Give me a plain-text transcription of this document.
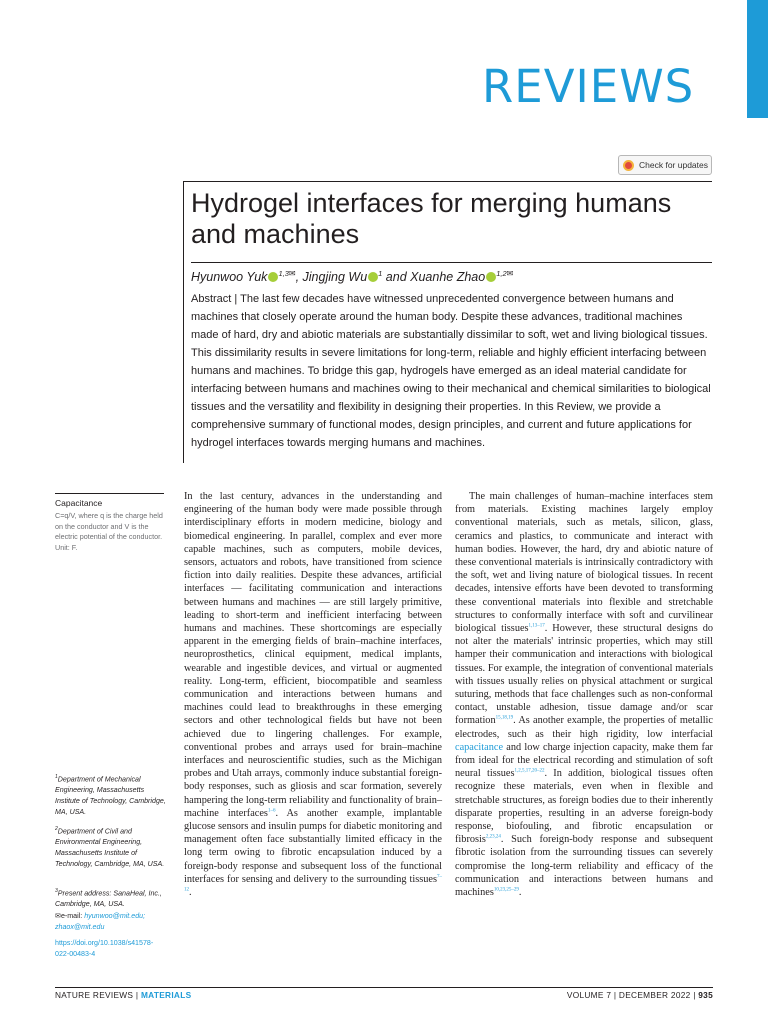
REVIEWS
Check for updates
Hydrogel interfaces for merging humans and machines
Hyunwoo Yuk $^{1,3✉}$, Jingjing Wu $^1$ and Xuanhe Zhao $^{1,2✉}$
Abstract | The last few decades have witnessed unprecedented convergence between humans and machines that closely operate around the human body. Despite these advances, traditional machines made of hard, dry and abiotic materials are substantially dissimilar to soft, wet and living biological tissues. This dissimilarity results in severe limitations for long-term, reliable and highly efficient interfacing between humans and machines. To bridge this gap, hydrogels have emerged as an ideal material candidate for interfacing between humans and machines owing to their mechanical and chemical similarities to biological tissues and the versatility and flexibility in designing their properties. In this Review, we provide a comprehensive summary of functional modes, design principles, and current and future applications for hydrogel interfaces towards merging humans and machines.
Capacitance
C=q/V, where q is the charge held on the conductor and V is the electric potential of the conductor. Unit: F.
$^1$Department of Mechanical Engineering, Massachusetts Institute of Technology, Cambridge, MA, USA.
$^2$Department of Civil and Environmental Engineering, Massachusetts Institute of Technology, Cambridge, MA, USA.
$^3$Present address: SanaHeal, Inc., Cambridge, MA, USA.
✉e-mail: hyunwoo@mit.edu;
zhaox@mit.edu
https://doi.org/10.1038/s41578-022-00483-4

In the last century, advances in the understanding and engineering of the human body were made possible through interdisciplinary efforts in modern medicine, biology and biomedical engineering. In parallel, complex and ever more capable machines, such as computers, mobile devices, sensors, actuators and robots, have transitioned from science fiction into daily realities. Despite these advances, artificial interfaces — facilitating communication and interactions between humans and machines — are still largely primitive, leading to short-term and inefficient interfacing between humans and machines. These shortcomings are especially apparent in the emerging fields of brain–machine interfaces, neuroprosthetics, clinical equipment, medical implants, wearable and ingestible devices, and virtual or augmented reality. Long-term, efficient, biocompatible and seamless communication and interactions between humans and machines could lead to breakthroughs in these emerging sectors and other technological fields but have not been achieved due to lingering challenges. For example, conventional probes and arrays used for brain–machine interfaces and neuroscientific studies, such as the Michigan probes and Utah arrays, commonly induce substantial foreign-body responses, such as gliosis and scar formation, severely hampering the long-term reliability and functionality of brain–machine interfaces$^{1-6}$. As another example, implantable glucose sensors and insulin pumps for diabetic monitoring and management often face substantially limited efficacy in the long term owing to fibrotic encapsulation induced by a foreign-body response and subsequent loss of the functional interfaces for sensing and delivery to the surrounding tissues$^{7-12}$.

The main challenges of human–machine interfaces stem from materials. Existing machines largely employ conventional materials, such as metals, silicon, glass, ceramics and plastics, to communicate and interact with human bodies. However, the hard, dry and abiotic nature of these conventional materials is intrinsically contradictory with the soft, wet and living nature of biological tissues. In recent decades, intensive efforts have been devoted to transforming these conventional materials into flexible and stretchable structures to conformally interface with soft and curvilinear biological tissues$^{1,13-17}$. However, these structural designs do not alter the materials' intrinsic properties, which may still hamper their communication and interactions with biological tissues. For example, the integration of conventional materials with tissues usually relies on physical attachment or surgical suturing, methods that face challenges such as non-conformal contact, unstable adhesion, tissue damage and/or scar formation$^{15,18,19}$. As another example, the properties of metallic electrodes, such as their high rigidity, low interfacial capacitance and low charge injection capacity, make them far from ideal for the electrical recording and stimulation of soft neural tissues$^{1,2,5,17,20-22}$. In addition, biological tissues often recognize these materials, even when in flexible and stretchable structures, as foreign bodies due to their inherently disparate properties, resulting in an adverse foreign-body response, biofouling, and fibrotic encapsulation or fibrosis$^{2,23,24}$. Such foreign-body response and subsequent fibrotic isolation from the surrounding tissues can severely compromise the long-term reliability and efficacy of the communication and interactions between humans and machines$^{10,23,25-29}$.

NATURE REVIEWS | MATERIALS	VOLUME 7 | DECEMBER 2022 | 935
